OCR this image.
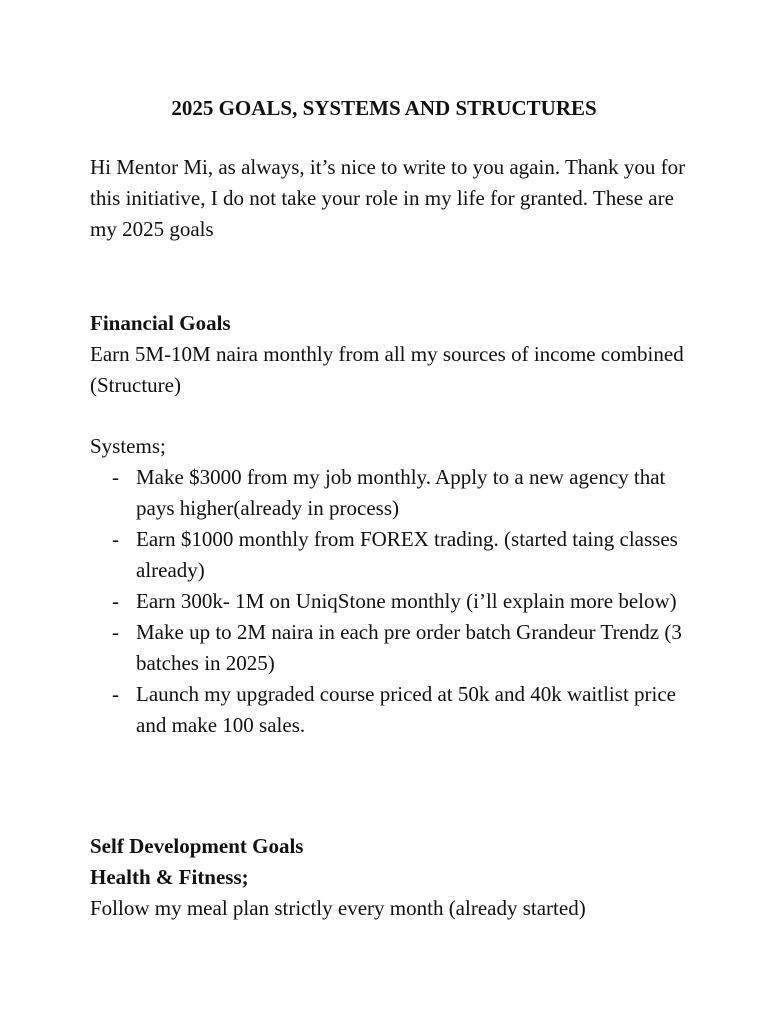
2025 GOALS, SYSTEMS AND STRUCTURES

Hi Mentor Mi, as always, it’s nice to write to you again. Thank you for this initiative, I do not take your role in my life for granted. These are my 2025 goals

Financial Goals

Earn 5M-10M naira monthly from all my sources of income combined (Structure)

Systems;

- Make $3000 from my job monthly. Apply to a new agency that pays higher(already in process)
- Earn $1000 monthly from FOREX trading. (started taing classes already)
- Earn 300k- 1M on UniqStone monthly (i’ll explain more below)
- Make up to 2M naira in each pre order batch Grandeur Trendz (3 batches in 2025)
- Launch my upgraded course priced at 50k and 40k waitlist price and make 100 sales.

Self Development Goals

Health & Fitness;

Follow my meal plan strictly every month (already started)
